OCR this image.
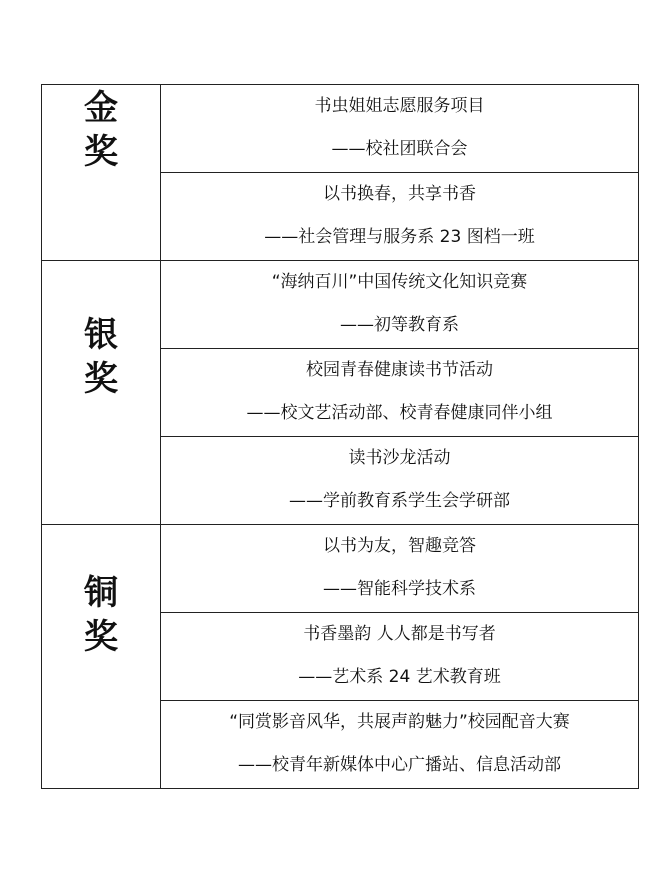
金
奖	书虫姐姐志愿服务项目
——校社团联合会

	以书换春，共享书香
——社会管理与服务系 23 图档一班

银
奖	“海纳百川”中国传统文化知识竞赛
——初等教育系

	校园青春健康读书节活动
——校文艺活动部、校青春健康同伴小组

	读书沙龙活动
——学前教育系学生会学研部

铜
奖	以书为友，智趣竞答
——智能科学技术系

	书香墨韵 人人都是书写者
——艺术系 24 艺术教育班

	“同赏影音风华，共展声韵魅力”校园配音大赛
——校青年新媒体中心广播站、信息活动部
